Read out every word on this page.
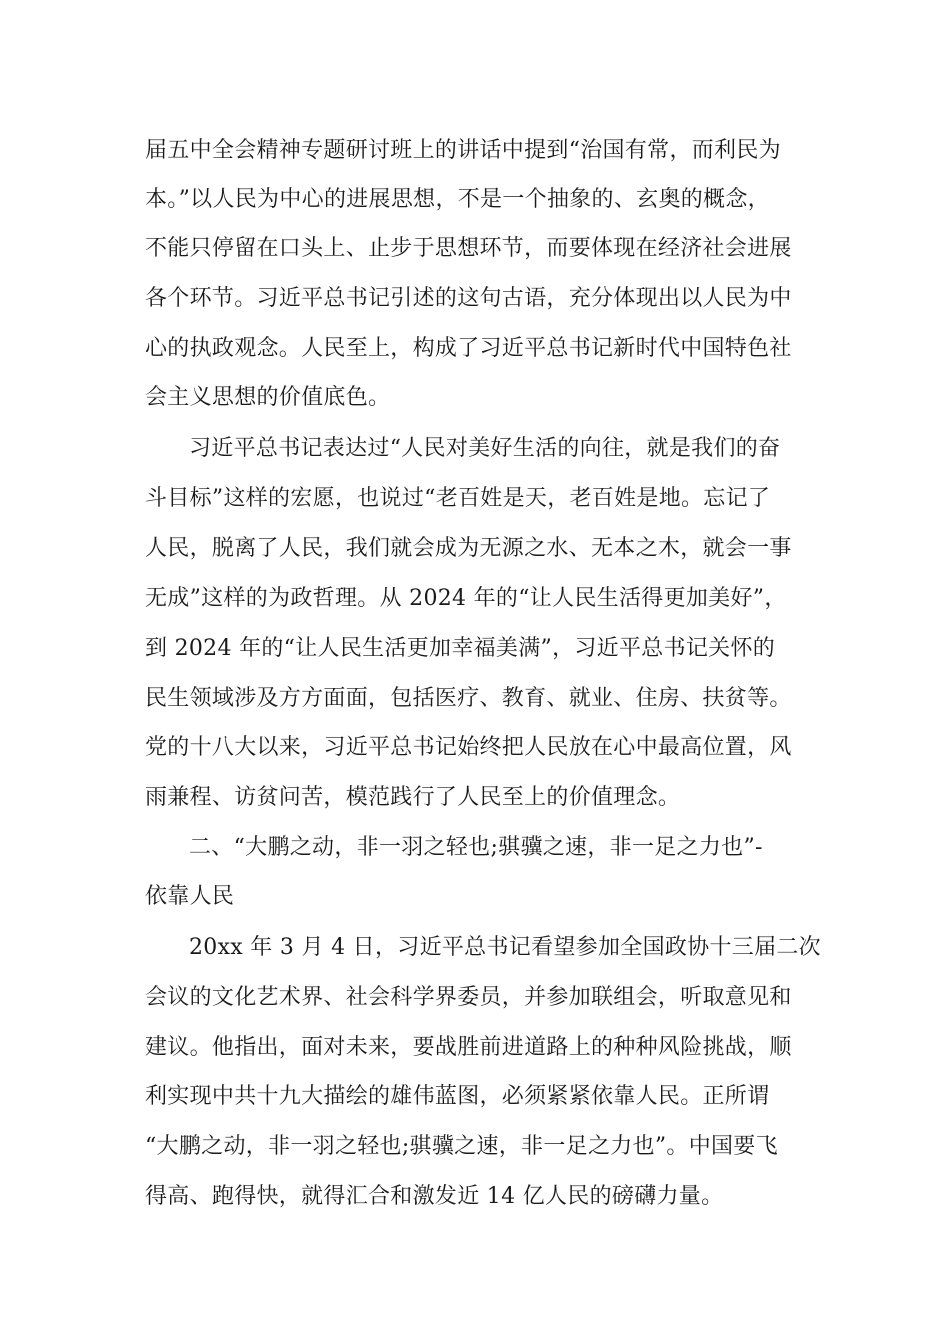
届五中全会精神专题研讨班上的讲话中提到“治国有常，而利民为
本。”以人民为中心的进展思想，不是一个抽象的、玄奥的概念，
不能只停留在口头上、止步于思想环节，而要体现在经济社会进展
各个环节。习近平总书记引述的这句古语，充分体现出以人民为中
心的执政观念。人民至上，构成了习近平总书记新时代中国特色社
会主义思想的价值底色。
习近平总书记表达过“人民对美好生活的向往，就是我们的奋
斗目标”这样的宏愿，也说过“老百姓是天，老百姓是地。忘记了
人民，脱离了人民，我们就会成为无源之水、无本之木，就会一事
无成”这样的为政哲理。从 2024 年的“让人民生活得更加美好”，
到 2024 年的“让人民生活更加幸福美满”，习近平总书记关怀的
民生领域涉及方方面面，包括医疗、教育、就业、住房、扶贫等。
党的十八大以来，习近平总书记始终把人民放在心中最高位置，风
雨兼程、访贫问苦，模范践行了人民至上的价值理念。
二、“大鹏之动，非一羽之轻也;骐骥之速，非一足之力也”-
依靠人民
20xx 年 3 月 4 日，习近平总书记看望参加全国政协十三届二次
会议的文化艺术界、社会科学界委员，并参加联组会，听取意见和
建议。他指出，面对未来，要战胜前进道路上的种种风险挑战，顺
利实现中共十九大描绘的雄伟蓝图，必须紧紧依靠人民。正所谓
“大鹏之动，非一羽之轻也;骐骥之速，非一足之力也”。中国要飞
得高、跑得快，就得汇合和激发近 14 亿人民的磅礴力量。
